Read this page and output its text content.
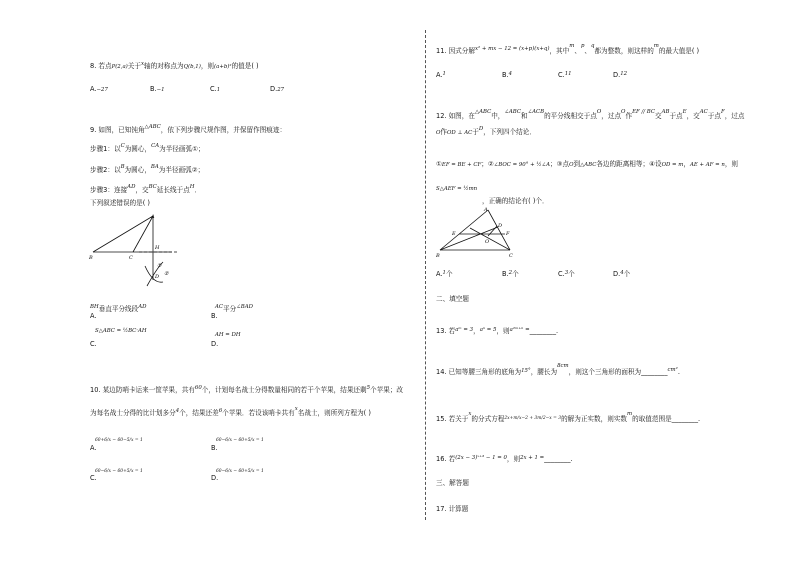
8. 若点P(2,a)关于$^x$轴的对称点为Q(b,1)，则(a+b)²的值是( )
A.−27	B.−1	C.1	D.27
9. 如图，已知钝角$^{\triangle ABC}$，依下列步骤尺规作图，并保留作图痕迹：
步骤1：以$^C$为圆心，$^{CA}$为半径画弧①；
步骤2：以$^B$为圆心，$^{BA}$为半径画弧②；
步骤3：连接$^{AD}$，交$^{BC}$延长线于点$^H$．
下列叙述错误的是( )
A
B	C
H
D
①
②
$^{BH}$垂直平分线段$^{AD}$
A.
$^{AC}$平分$^{\angle BAD}$
B.
S△ABC = ½BC·AH
C.
AH = DH
D.
10. 某边防哨卡运来一筐苹果，共有$^{60}$个，计划每名战士分得数量相同的若干个苹果，结果还剩$^5$个苹果；改
为每名战士分得的比计划多分$^4$个，结果还差$^6$个苹果．若设该哨卡共有$^x$名战士，则所列方程为( )
60+6/x − 60−5/x = 1
A.
60−6/x − 60+5/x = 1
B.
60−6/x − 60+5/x = 1
C.
60−6/x − 60+5/x = 1
D.
11. 因式分解$^{x^2 + mx - 12 = (x+p)(x+q)}$，其中$^m$、$^p$、$^q$都为整数，则这样的$^m$的最大值是( )
A.$^1$	B.$^4$	C.$^{11}$	D.$^{12}$
12. 如图，在$^{\triangle ABC}$中，$^{\angle ABC}$和$^{\angle ACB}$的平分线相交于点$^O$，过点$^O$作$^{EF // BC}$交$^{AB}$于点$^E$，交$^{AC}$于点$^F$，过点
O作OD ⊥ AC于$^D$，下列四个结论．
①EF = BE + CF；②∠BOC = 90° + ½∠A；③点O到△ABC各边的距离相等；④设OD = m，AE + AF = n，则
S△AEF = ½mn
，正确的结论有( )个．
A
B	C
D
E	F
O
A.$^1$个	B.$^2$个	C.$^3$个	D.$^4$个
二、填空题
13. 若$^{aᵐ = 3}$，$^{a^n = 5}$，则$^{a^2ᵐ^{+n} =}$________.
14. 已知等腰三角形的底角为$^{15^\circ}$，腰长为$^{8cm}$，则这个三角形的面积为________$^{cm^2}$.
15. 若关于$^x$的分式方程$^{2x+m/x-2 + 3m/2-x = 3}$的解为正实数，则实数$^m$的取值范围是________.
16. 若$^{(2x - 3)ˣ^{+3} - 1 = 0}$，则$^{2x + 1 =}$________.
三、解答题
17. 计算题
